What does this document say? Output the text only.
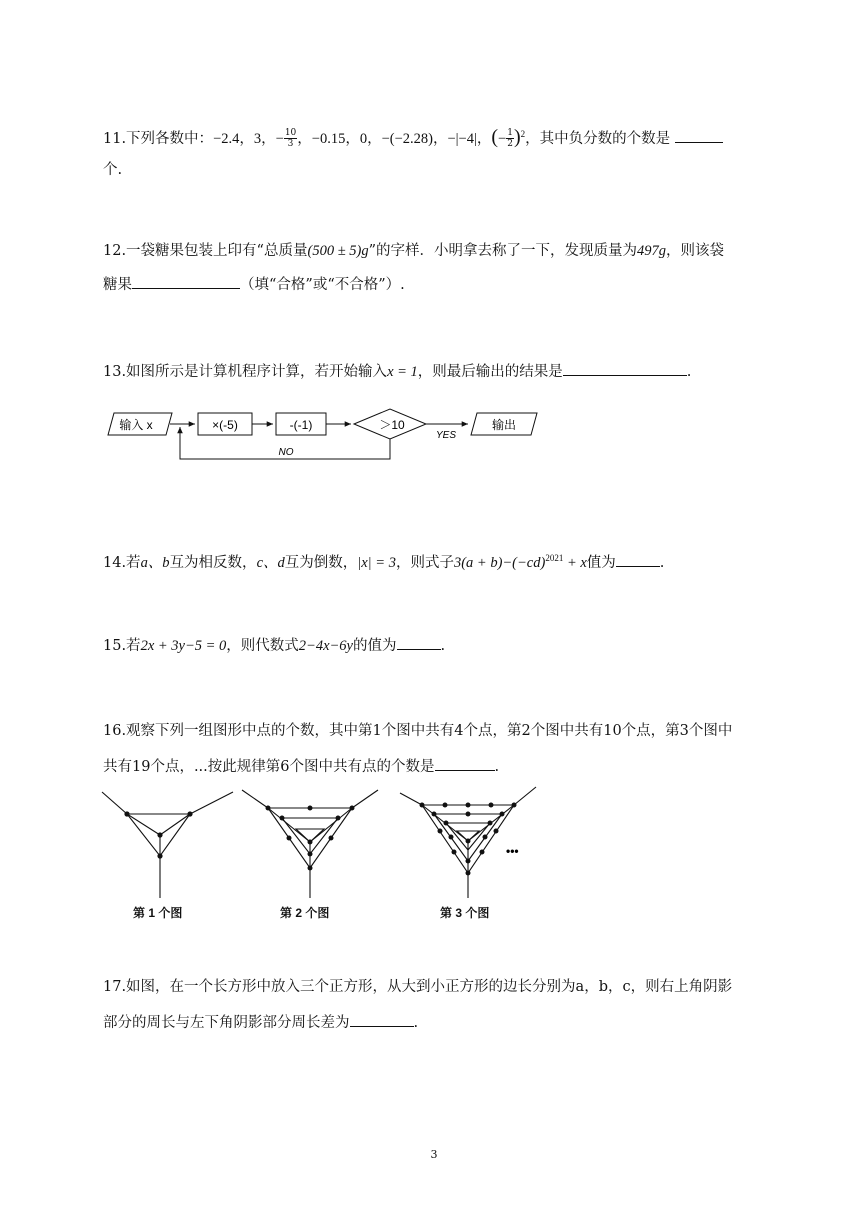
11.下列各数中：−2.4，3，− $\frac{10}{3}$ ，−0.15，0，−(−2.28)，−|−4|，(− $\frac{1}{2} )^2$，其中负分数的个数是
个.
12.一袋糖果包装上印有“总质量(500 ± 5)g”的字样．小明拿去称了一下，发现质量为497g，则该袋
糖果	（填“合格”或“不合格”）.
13.如图所示是计算机程序计算，若开始输入x = 1，则最后输出的结果是	.
输入 x	×(-5)	-(-1)	＞10
YES
输出
NO
14.若a、b互为相反数，c、d互为倒数，|x| = 3，则式子$3(a + b)-(-cd)^{2021} + x$值为	.
15.若2x + 3y−5 = 0，则代数式2−4x−6y的值为	.
16.观察下列一组图形中点的个数，其中第1个图中共有4个点，第2个图中共有10个点，第3个图中
共有19个点，...按此规律第6个图中共有点的个数是	.
•••
第 1 个图	第 2 个图	第 3 个图
17.如图，在一个长方形中放入三个正方形，从大到小正方形的边长分别为a，b，c，则右上角阴影
部分的周长与左下角阴影部分周长差为	.
3
